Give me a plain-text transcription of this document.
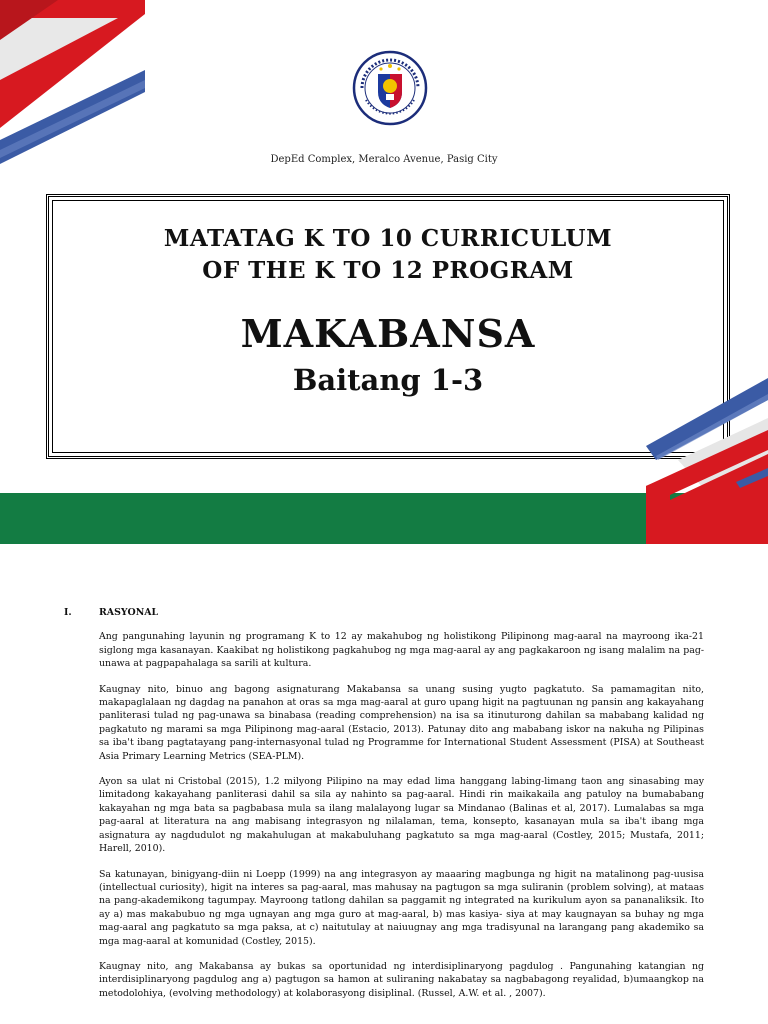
DepEd Complex, Meralco Avenue, Pasig City
MATATAG K TO 10 CURRICULUM
OF THE K TO 12 PROGRAM
MAKABANSA
Baitang 1-3
I.	RASYONAL

Ang pangunahing layunin ng programang K to 12 ay makahubog ng holistikong Pilipinong mag-aaral na mayroong ika-21 siglong mga kasanayan. Kaakibat ng holistikong pagkahubog ng mga mag-aaral ay ang pagkakaroon ng isang malalim na pag- unawa at pagpapahalaga sa sarili at kultura.

Kaugnay nito, binuo ang bagong asignaturang Makabansa sa unang susing yugto pagkatuto. Sa pamamagitan nito, makapaglalaan ng dagdag na panahon at oras sa mga mag-aaral at guro upang higit na pagtuunan ng pansin ang kakayahang panliterasi tulad ng pag-unawa sa binabasa (reading comprehension) na isa sa itinuturong dahilan sa mababang kalidad ng pagkatuto ng marami sa mga Pilipinong mag-aaral (Estacio, 2013). Patunay dito ang mababang iskor na nakuha ng Pilipinas sa iba't ibang pagtatayang pang-internasyonal tulad ng Programme for International Student Assessment (PISA) at Southeast Asia Primary Learning Metrics (SEA-PLM).

Ayon sa ulat ni Cristobal (2015), 1.2 milyong Pilipino na may edad lima hanggang labing-limang taon ang sinasabing may limitadong kakayahang panliterasi dahil sa sila ay nahinto sa pag-aaral. Hindi rin maikakaila ang patuloy na bumababang kakayahan ng mga bata sa pagbabasa mula sa ilang malalayong lugar sa Mindanao (Balinas et al, 2017). Lumalabas sa mga pag-aaral at literatura na ang mabisang integrasyon ng nilalaman, tema, konsepto, kasanayan mula sa iba't ibang mga asignatura ay nagdudulot ng makahulugan at makabuluhang pagkatuto sa mga mag-aaral (Costley, 2015; Mustafa, 2011; Harell, 2010).

Sa katunayan, binigyang-diin ni Loepp (1999) na ang integrasyon ay maaaring magbunga ng higit na matalinong pag-uusisa (intellectual curiosity), higit na interes sa pag-aaral, mas mahusay na pagtugon sa mga suliranin (problem solving), at mataas na pang-akademikong tagumpay. Mayroong tatlong dahilan sa paggamit ng integrated na kurikulum ayon sa pananaliksik. Ito ay a) mas makabubuo ng mga ugnayan ang mga guro at mag-aaral, b) mas kasiya- siya at may kaugnayan sa buhay ng mga mag-aaral ang pagkatuto sa mga paksa, at c) naitutulay at naiuugnay ang mga tradisyunal na larangang pang akademiko sa mga mag-aaral at komunidad (Costley, 2015).

Kaugnay nito, ang Makabansa ay bukas sa oportunidad ng interdisiplinaryong pagdulog . Pangunahing katangian ng interdisiplinaryong pagdulog ang a) pagtugon sa hamon at suliraning nakabatay sa nagbabagong reyalidad, b)umaangkop na metodolohiya, (evolving methodology) at kolaborasyong disiplinal. (Russel, A.W. et al. , 2007).
